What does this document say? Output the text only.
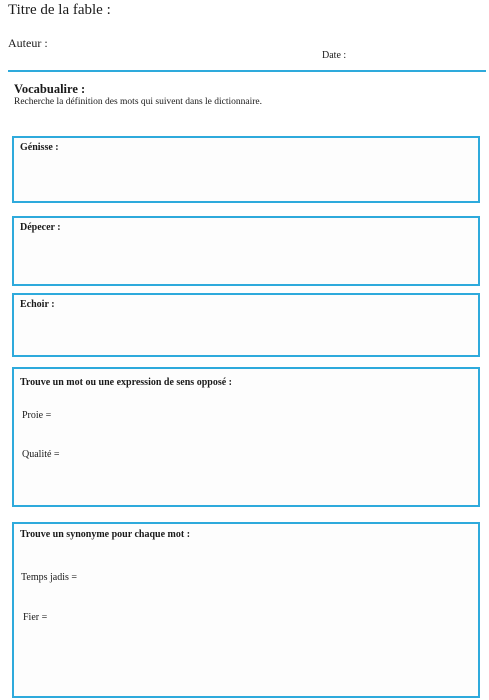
Titre de la fable :
Auteur :
Date :
Vocabualire :
Recherche la définition des mots qui suivent dans le dictionnaire.
Génisse :
Dépecer :
Echoir :
Trouve un mot ou une expression de sens opposé :
Proie =
Qualité =
Trouve un synonyme pour chaque mot :
Temps jadis =
Fier =
